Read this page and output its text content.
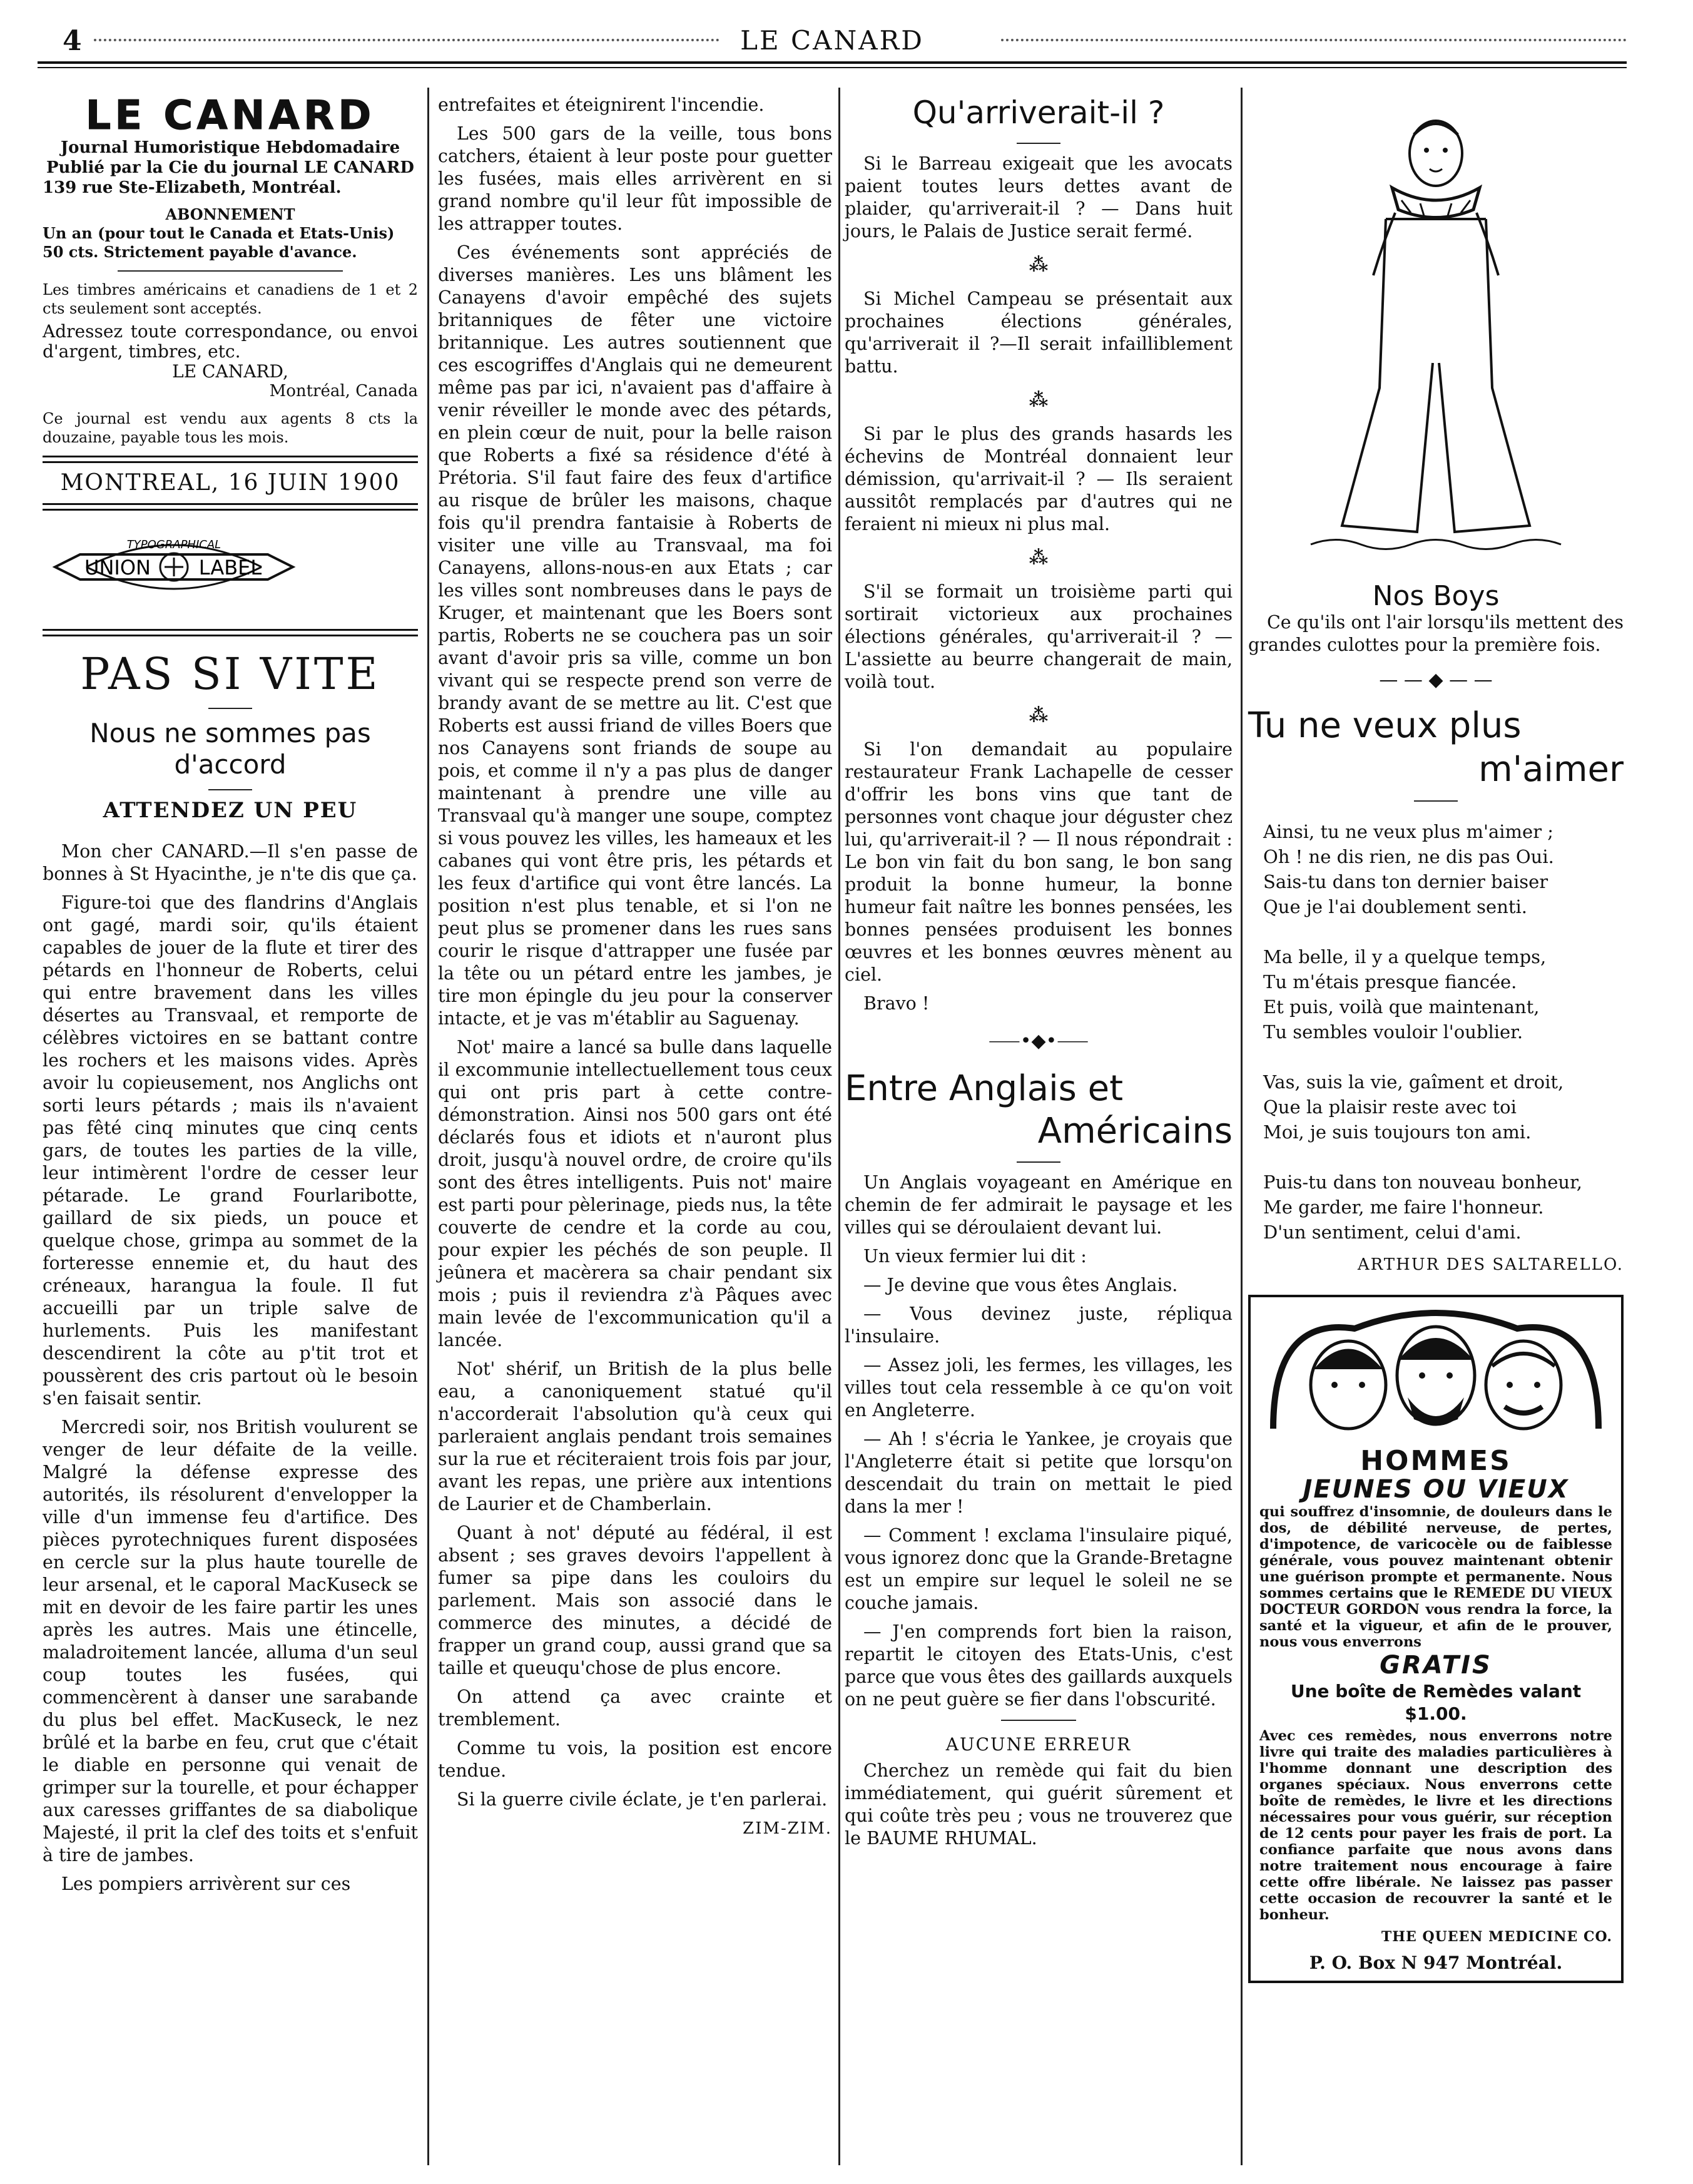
4	LE CANARD
LE CANARD
Journal Humoristique Hebdomadaire
Publié par la Cie du journal LE CANARD
139 rue Ste-Elizabeth, Montréal.
ABONNEMENT
Un an (pour tout le Canada et Etats-Unis)
50 cts. Strictement payable d'avance.
Les timbres américains et canadiens de 1 et 2 cts seulement sont acceptés.
Adressez toute correspondance, ou envoi d'argent, timbres, etc.
LE CANARD,
Montréal, Canada
Ce journal est vendu aux agents 8 cts la douzaine, payable tous les mois.
MONTREAL, 16 JUIN 1900
TYPOGRAPHICAL
UNION LABEL
PAS SI VITE
Nous ne sommes pas d'accord
ATTENDEZ UN PEU

Mon cher CANARD.—Il s'en passe de bonnes à St Hyacinthe, je n'te dis que ça.

Figure-toi que des flandrins d'Anglais ont gagé, mardi soir, qu'ils étaient capables de jouer de la flute et tirer des pétards en l'honneur de Roberts, celui qui entre bravement dans les villes désertes au Transvaal, et remporte de célèbres victoires en se battant contre les rochers et les maisons vides. Après avoir lu copieusement, nos Anglichs ont sorti leurs pétards ; mais ils n'avaient pas fêté cinq minutes que cinq cents gars, de toutes les parties de la ville, leur intimèrent l'ordre de cesser leur pétarade. Le grand Fourlaribotte, gaillard de six pieds, un pouce et quelque chose, grimpa au sommet de la forteresse ennemie et, du haut des créneaux, harangua la foule. Il fut accueilli par un triple salve de hurlements. Puis les manifestant descendirent la côte au p'tit trot et poussèrent des cris partout où le besoin s'en faisait sentir.

Mercredi soir, nos British voulurent se venger de leur défaite de la veille. Malgré la défense expresse des autorités, ils résolurent d'envelopper la ville d'un immense feu d'artifice. Des pièces pyrotechniques furent disposées en cercle sur la plus haute tourelle de leur arsenal, et le caporal MacKuseck se mit en devoir de les faire partir les unes après les autres. Mais une étincelle, maladroitement lancée, alluma d'un seul coup toutes les fusées, qui commencèrent à danser une sarabande du plus bel effet. MacKuseck, le nez brûlé et la barbe en feu, crut que c'était le diable en personne qui venait de grimper sur la tourelle, et pour échapper aux caresses griffantes de sa diabolique Majesté, il prit la clef des toits et s'enfuit à tire de jambes.

Les pompiers arrivèrent sur ces

entrefaites et éteignirent l'incendie.

Les 500 gars de la veille, tous bons catchers, étaient à leur poste pour guetter les fusées, mais elles arrivèrent en si grand nombre qu'il leur fût impossible de les attrapper toutes.

Ces événements sont appréciés de diverses manières. Les uns blâment les Canayens d'avoir empêché des sujets britanniques de fêter une victoire britannique. Les autres soutiennent que ces escogriffes d'Anglais qui ne demeurent même pas par ici, n'avaient pas d'affaire à venir réveiller le monde avec des pétards, en plein cœur de nuit, pour la belle raison que Roberts a fixé sa résidence d'été à Prétoria. S'il faut faire des feux d'artifice au risque de brûler les maisons, chaque fois qu'il prendra fantaisie à Roberts de visiter une ville au Transvaal, ma foi Canayens, allons-nous-en aux Etats ; car les villes sont nombreuses dans le pays de Kruger, et maintenant que les Boers sont partis, Roberts ne se couchera pas un soir avant d'avoir pris sa ville, comme un bon vivant qui se respecte prend son verre de brandy avant de se mettre au lit. C'est que Roberts est aussi friand de villes Boers que nos Canayens sont friands de soupe au pois, et comme il n'y a pas plus de danger maintenant à prendre une ville au Transvaal qu'à manger une soupe, comptez si vous pouvez les villes, les hameaux et les cabanes qui vont être pris, les pétards et les feux d'artifice qui vont être lancés. La position n'est plus tenable, et si l'on ne peut plus se promener dans les rues sans courir le risque d'attrapper une fusée par la tête ou un pétard entre les jambes, je tire mon épingle du jeu pour la conserver intacte, et je vas m'établir au Saguenay.

Not' maire a lancé sa bulle dans laquelle il excommunie intellectuellement tous ceux qui ont pris part à cette contre-démonstration. Ainsi nos 500 gars ont été déclarés fous et idiots et n'auront plus droit, jusqu'à nouvel ordre, de croire qu'ils sont des êtres intelligents. Puis not' maire est parti pour pèlerinage, pieds nus, la tête couverte de cendre et la corde au cou, pour expier les péchés de son peuple. Il jeûnera et macèrera sa chair pendant six mois ; puis il reviendra z'à Pâques avec main levée de l'excommunication qu'il a lancée.

Not' shérif, un British de la plus belle eau, a canoniquement statué qu'il n'accorderait l'absolution qu'à ceux qui parleraient anglais pendant trois semaines sur la rue et réciteraient trois fois par jour, avant les repas, une prière aux intentions de Laurier et de Chamberlain.

Quant à not' député au fédéral, il est absent ; ses graves devoirs l'appellent à fumer sa pipe dans les couloirs du parlement. Mais son associé dans le commerce des minutes, a décidé de frapper un grand coup, aussi grand que sa taille et queuqu'chose de plus encore.

On attend ça avec crainte et tremblement.

Comme tu vois, la position est encore tendue.

Si la guerre civile éclate, je t'en parlerai.

ZIM-ZIM.
Qu'arriverait-il ?

Si le Barreau exigeait que les avocats paient toutes leurs dettes avant de plaider, qu'arriverait-il ? — Dans huit jours, le Palais de Justice serait fermé.

⁂

Si Michel Campeau se présentait aux prochaines élections générales, qu'arriverait il ?—Il serait infailliblement battu.

⁂

Si par le plus des grands hasards les échevins de Montréal donnaient leur démission, qu'arrivait-il ? — Ils seraient aussitôt remplacés par d'autres qui ne feraient ni mieux ni plus mal.

⁂

S'il se formait un troisième parti qui sortirait victorieux aux prochaines élections générales, qu'arriverait-il ? —L'assiette au beurre changerait de main, voilà tout.

⁂

Si l'on demandait au populaire restaurateur Frank Lachapelle de cesser d'offrir les bons vins que tant de personnes vont chaque jour déguster chez lui, qu'arriverait-il ? — Il nous répondrait : Le bon vin fait du bon sang, le bon sang produit la bonne humeur, la bonne humeur fait naître les bonnes pensées, les bonnes pensées produisent les bonnes œuvres et les bonnes œuvres mènent au ciel.

Bravo !

⸺•◆•⸺
Entre Anglais et
Américains

Un Anglais voyageant en Amérique en chemin de fer admirait le paysage et les villes qui se déroulaient devant lui.

Un vieux fermier lui dit :

— Je devine que vous êtes Anglais.

— Vous devinez juste, répliqua l'insulaire.

— Assez joli, les fermes, les villages, les villes tout cela ressemble à ce qu'on voit en Angleterre.

— Ah ! s'écria le Yankee, je croyais que l'Angleterre était si petite que lorsqu'on descendait du train on mettait le pied dans la mer !

— Comment ! exclama l'insulaire piqué, vous ignorez donc que la Grande-Bretagne est un empire sur lequel le soleil ne se couche jamais.

— J'en comprends fort bien la raison, repartit le citoyen des Etats-Unis, c'est parce que vous êtes des gaillards auxquels on ne peut guère se fier dans l'obscurité.

AUCUNE ERREUR

Cherchez un remède qui fait du bien immédiatement, qui guérit sûrement et qui coûte très peu ; vous ne trouverez que le BAUME RHUMAL.

Nos Boys

Ce qu'ils ont l'air lorsqu'ils mettent des grandes culottes pour la première fois.

— — ◆ — —
Tu ne veux plus
m'aimer
Ainsi, tu ne veux plus m'aimer ;
Oh ! ne dis rien, ne dis pas Oui.
Sais-tu dans ton dernier baiser
Que je l'ai doublement senti.
Ma belle, il y a quelque temps,
Tu m'étais presque fiancée.
Et puis, voilà que maintenant,
Tu sembles vouloir l'oublier.
Vas, suis la vie, gaîment et droit,
Que la plaisir reste avec toi
Moi, je suis toujours ton ami.
Puis-tu dans ton nouveau bonheur,
Me garder, me faire l'honneur.
D'un sentiment, celui d'ami.
ARTHUR DES SALTARELLO.
HOMMES
JEUNES OU VIEUX
qui souffrez d'insomnie, de douleurs dans le dos, de débilité nerveuse, de pertes, d'impotence, de varicocèle ou de faiblesse générale, vous pouvez maintenant obtenir une guérison prompte et permanente. Nous sommes certains que le REMEDE DU VIEUX DOCTEUR GORDON vous rendra la force, la santé et la vigueur, et afin de le prouver, nous vous enverrons
GRATIS
Une boîte de Remèdes valant $1.00.
Avec ces remèdes, nous enverrons notre livre qui traite des maladies particulières à l'homme donnant une description des organes spéciaux. Nous enverrons cette boîte de remèdes, le livre et les directions nécessaires pour vous guérir, sur réception de 12 cents pour payer les frais de port. La confiance parfaite que nous avons dans notre traitement nous encourage à faire cette offre libérale. Ne laissez pas passer cette occasion de recouvrer la santé et le bonheur.
THE QUEEN MEDICINE CO.
P. O. Box N 947 Montréal.
